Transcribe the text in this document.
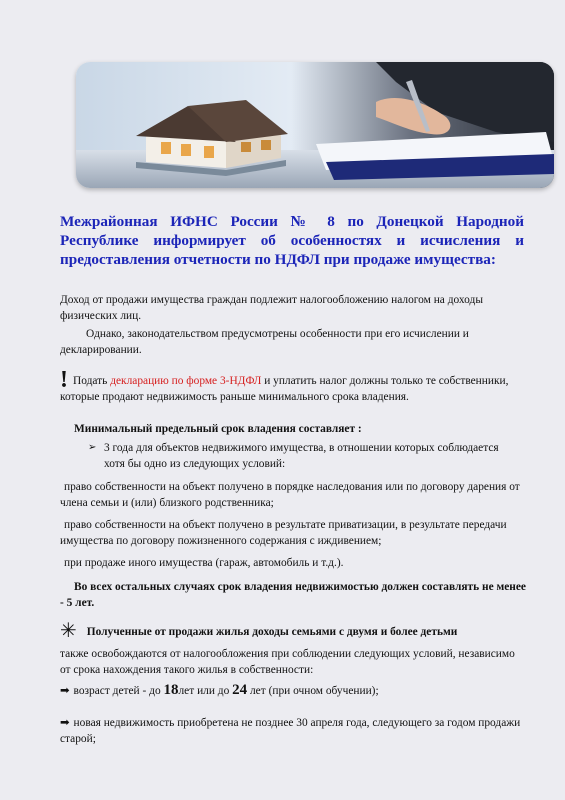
Межрайонная ИФНС России № 8 по Донецкой Народной Республике информирует об особенностях и исчисления и предоставления отчетности по НДФЛ при продаже имущества:

Доход от продажи имущества граждан подлежит налогообложению налогом на доходы физических лиц.

Однако, законодательством предусмотрены особенности при его исчислении и декларировании.

! Подать декларацию по форме 3-НДФЛ и уплатить налог должны только те собственники, которые продают недвижимость раньше минимального срока владения.

Минимальный предельный срок владения составляет :

➢ 3 года для объектов недвижимого имущества, в отношении которых соблюдается хотя бы одно из следующих условий:

право собственности на объект получено в порядке наследования или по договору дарения от члена семьи и (или) близкого родственника;

право собственности на объект получено в результате приватизации, в результате передачи имущества по договору пожизненного содержания с иждивением;

при продаже иного имущества (гараж, автомобиль и т.д.).

Во всех остальных случаях срок владения недвижимостью должен составлять не менее - 5 лет.

✳ Полученные от продажи жилья доходы семьями с двумя и более детьми

также освобождаются от налогообложения при соблюдении следующих условий, независимо от срока нахождения такого жилья в собственности:

➡ возраст детей - до 18лет или до 24 лет (при очном обучении);

➡ новая недвижимость приобретена не позднее 30 апреля года, следующего за годом продажи старой;
